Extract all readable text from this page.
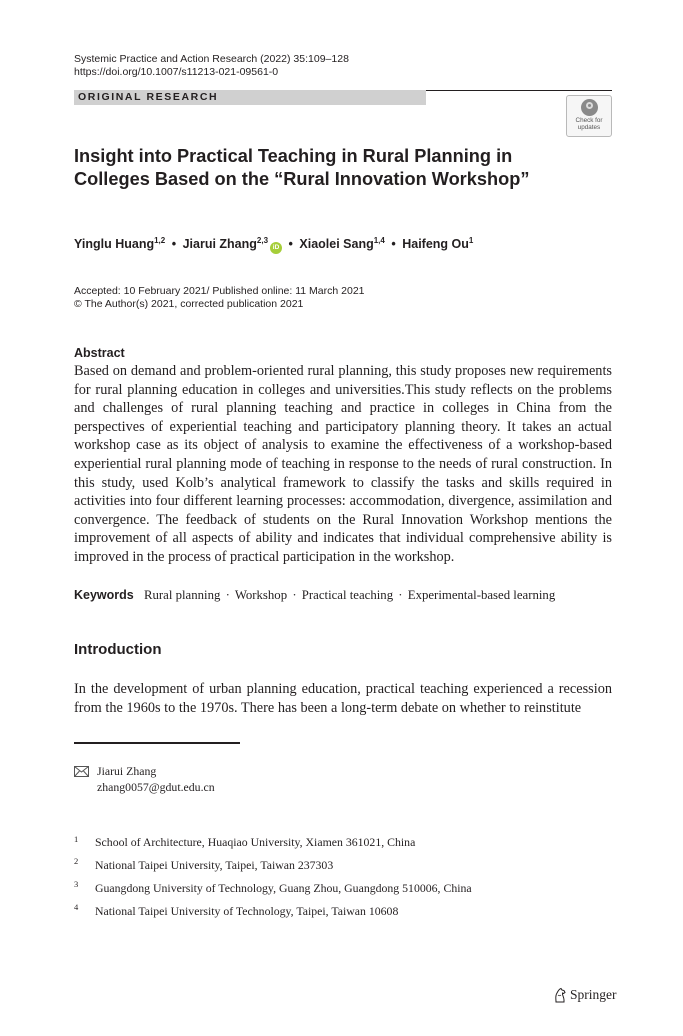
Systemic Practice and Action Research (2022) 35:109–128
https://doi.org/10.1007/s11213-021-09561-0
ORIGINAL RESEARCH
Check for
updates
Insight into Practical Teaching in Rural Planning in Colleges Based on the “Rural Innovation Workshop”
Yinglu Huang$^{1,2}$ • Jiarui Zhang$^{2,3}$iD • Xiaolei Sang$^{1,4}$ • Haifeng Ou$^1$
Accepted: 10 February 2021/ Published online: 11 March 2021
© The Author(s) 2021, corrected publication 2021
Abstract
Based on demand and problem-oriented rural planning, this study proposes new requirements for rural planning education in colleges and universities.This study reflects on the problems and challenges of rural planning teaching and practice in colleges in China from the perspectives of experiential teaching and participatory planning theory. It takes an actual workshop case as its object of analysis to examine the effectiveness of a workshop-based experiential rural planning mode of teaching in response to the needs of rural construction. In this study, used Kolb’s analytical framework to classify the tasks and skills required in activities into four different learning processes: accommodation, divergence, assimilation and convergence. The feedback of students on the Rural Innovation Workshop mentions the improvement of all aspects of ability and indicates that individual comprehensive ability is improved in the process of practical participation in the workshop.
Keywords Rural planning · Workshop · Practical teaching · Experimental-based learning
Introduction
In the development of urban planning education, practical teaching experienced a recession from the 1960s to the 1970s. There has been a long-term debate on whether to reinstitute
Jiarui Zhang
zhang0057@gdut.edu.cn
1 School of Architecture, Huaqiao University, Xiamen 361021, China
2 National Taipei University, Taipei, Taiwan 237303
3 Guangdong University of Technology, Guang Zhou, Guangdong 510006, China
4 National Taipei University of Technology, Taipei, Taiwan 10608
Springer
